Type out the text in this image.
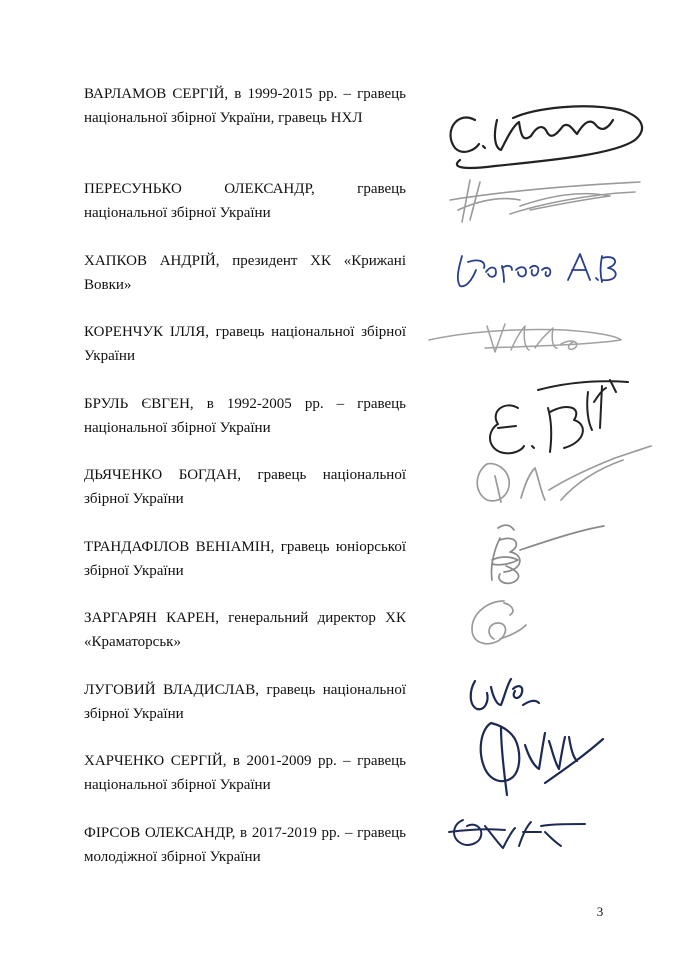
ВАРЛАМОВ СЕРГІЙ, в 1999-2015 рр. – гравець національної збірної України, гравець НХЛ
ПЕРЕСУНЬКО ОЛЕКСАНДР, гравець національної збірної України
ХАПКОВ АНДРІЙ, президент ХК «Крижані Вовки»
КОРЕНЧУК ІЛЛЯ, гравець національної збірної України
БРУЛЬ ЄВГЕН, в 1992-2005 рр. – гравець національної збірної України
ДЬЯЧЕНКО БОГДАН, гравець національної збірної України
ТРАНДАФІЛОВ ВЕНІАМІН, гравець юніорської збірної України
ЗАРГАРЯН КАРЕН, генеральний директор ХК «Краматорськ»
ЛУГОВИЙ ВЛАДИСЛАВ, гравець національної збірної України
ХАРЧЕНКО СЕРГІЙ, в 2001-2009 рр. – гравець національної збірної України
ФІРСОВ ОЛЕКСАНДР, в 2017-2019 рр. – гравець молодіжної збірної України
3
